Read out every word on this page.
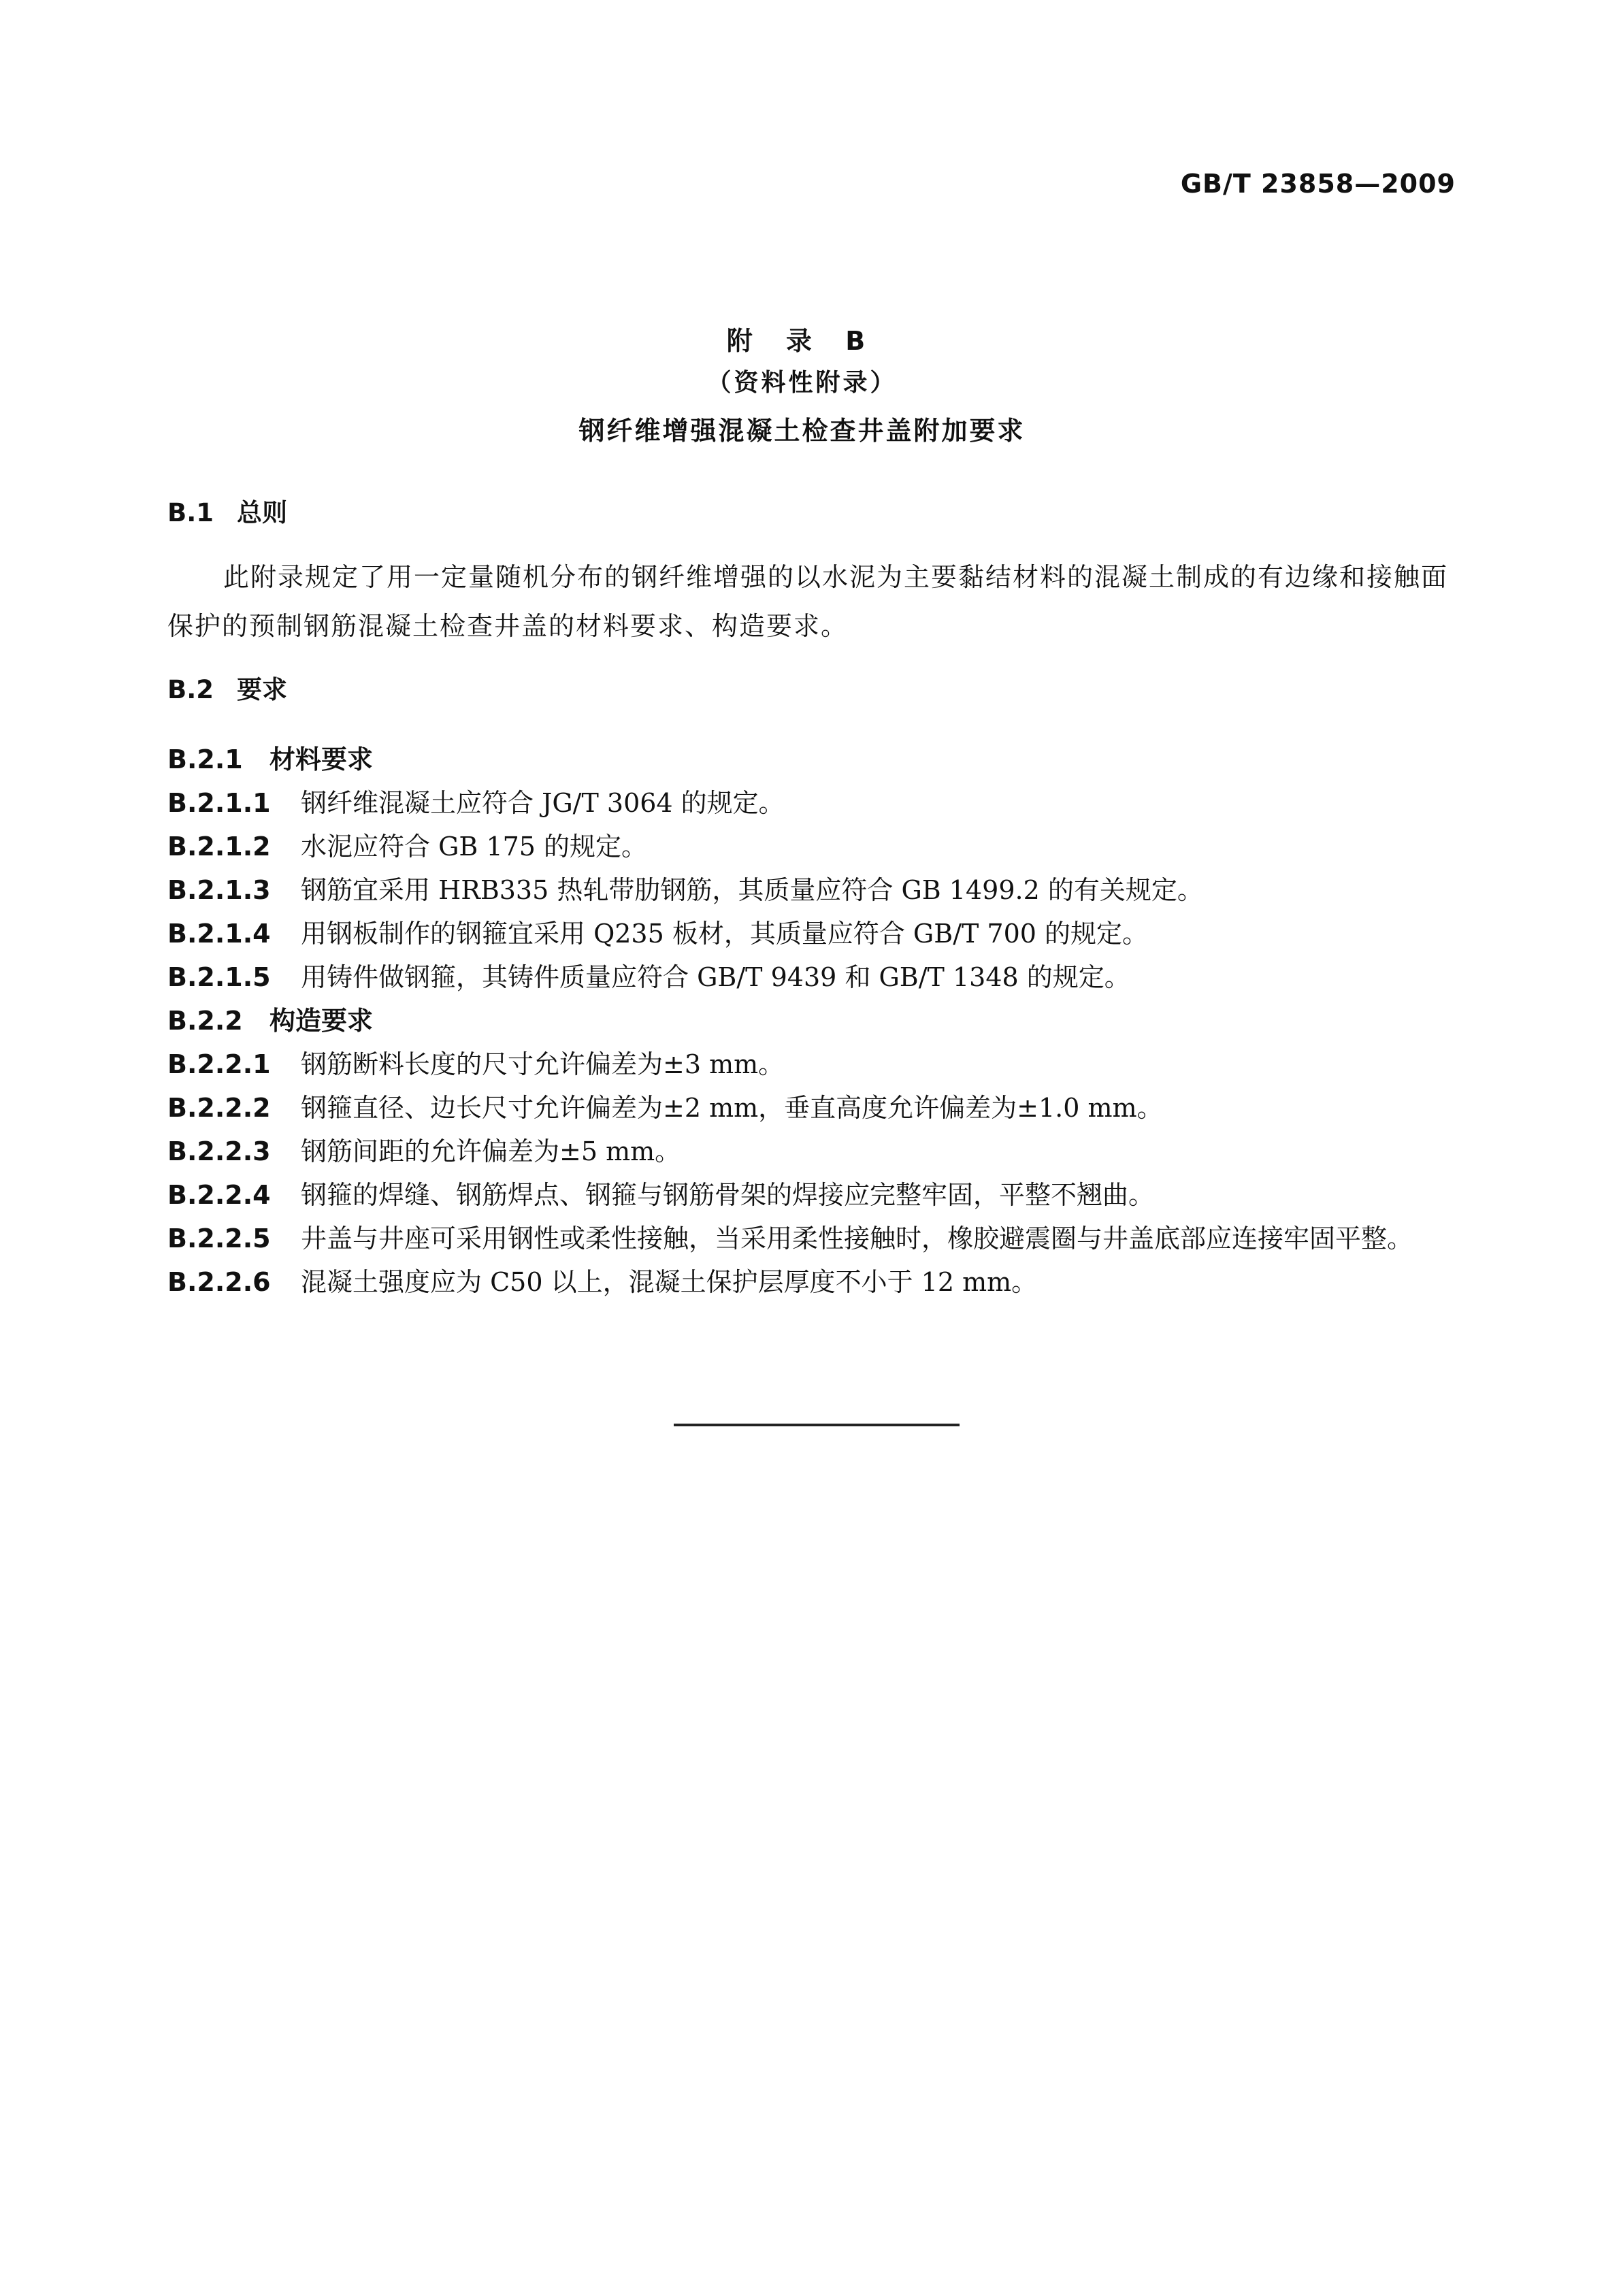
GB/T 23858—2009
附 录 B
（资料性附录）
钢纤维增强混凝土检查井盖附加要求
B.1 总则
此附录规定了用一定量随机分布的钢纤维增强的以水泥为主要黏结材料的混凝土制成的有边缘和接触面保护的预制钢筋混凝土检查井盖的材料要求、构造要求。
B.2 要求
B.2.1 材料要求
B.2.1.1 钢纤维混凝土应符合 JG/T 3064 的规定。
B.2.1.2 水泥应符合 GB 175 的规定。
B.2.1.3 钢筋宜采用 HRB335 热轧带肋钢筋，其质量应符合 GB 1499.2 的有关规定。
B.2.1.4 用钢板制作的钢箍宜采用 Q235 板材，其质量应符合 GB/T 700 的规定。
B.2.1.5 用铸件做钢箍，其铸件质量应符合 GB/T 9439 和 GB/T 1348 的规定。
B.2.2 构造要求
B.2.2.1 钢筋断料长度的尺寸允许偏差为±3 mm。
B.2.2.2 钢箍直径、边长尺寸允许偏差为±2 mm，垂直高度允许偏差为±1.0 mm。
B.2.2.3 钢筋间距的允许偏差为±5 mm。
B.2.2.4 钢箍的焊缝、钢筋焊点、钢箍与钢筋骨架的焊接应完整牢固，平整不翘曲。
B.2.2.5 井盖与井座可采用钢性或柔性接触，当采用柔性接触时，橡胶避震圈与井盖底部应连接牢固平整。
B.2.2.6 混凝土强度应为 C50 以上，混凝土保护层厚度不小于 12 mm。
